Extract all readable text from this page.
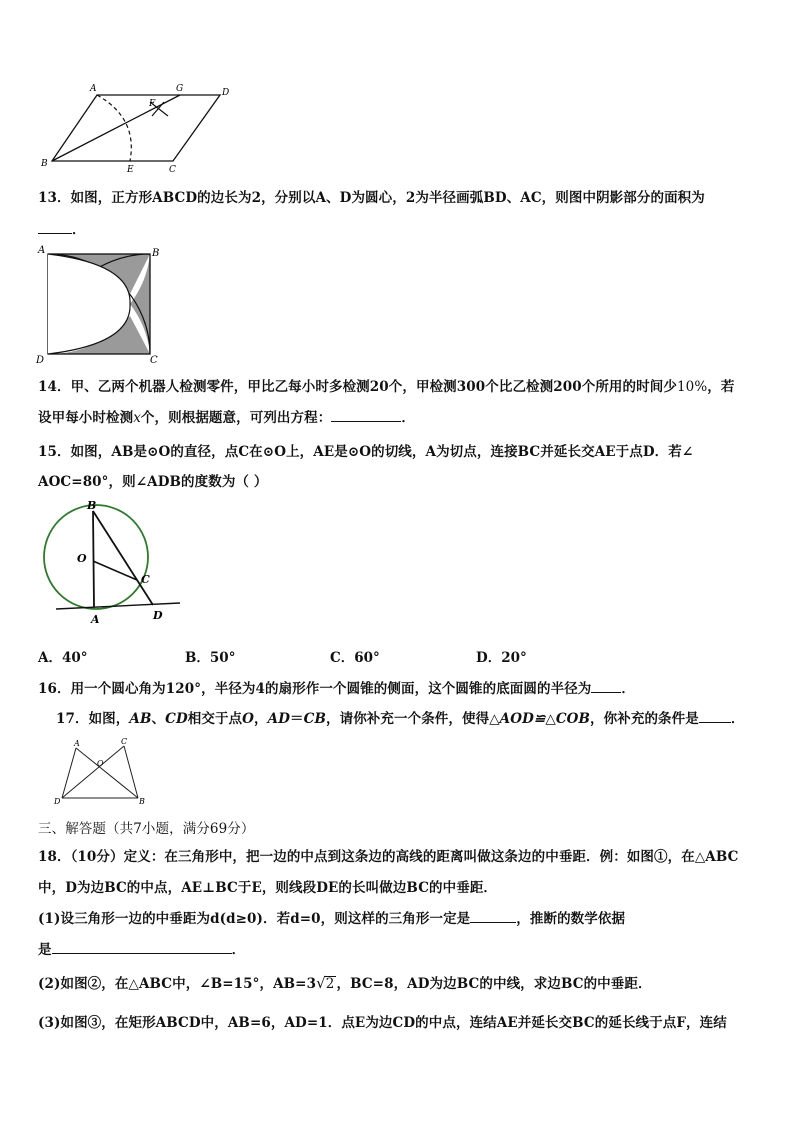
A	G	D
F
B
E	C
13．如图，正方形ABCD的边长为2，分别以A、D为圆心，2为半径画弧BD、AC，则图中阴影部分的面积为
．
A	B
D	C
14．甲、乙两个机器人检测零件，甲比乙每小时多检测20个，甲检测300个比乙检测200个所用的时间少10%，若
设甲每小时检测x个，则根据题意，可列出方程：	．
15．如图，AB是⊙O的直径，点C在⊙O上，AE是⊙O的切线，A为切点，连接BC并延长交AE于点D．若∠
AOC=80°，则∠ADB的度数为（ ）
B
O
C
A	D
A．40°	B．50°	C．60°	D．20°
16．用一个圆心角为120°，半径为4的扇形作一个圆锥的侧面，这个圆锥的底面圆的半径为 ．
17．如图，AB、CD相交于点O，AD＝CB，请你补充一个条件，使得△AOD≌△COB，你补充的条件是 ．
A	C
O
D	B
三、解答题（共7小题，满分69分）
18．（10分）定义：在三角形中，把一边的中点到这条边的高线的距离叫做这条边的中垂距．例：如图①，在△ABC
中，D为边BC的中点，AE⊥BC于E，则线段DE的长叫做边BC的中垂距．
(1)设三角形一边的中垂距为d(d≥0)．若d=0，则这样的三角形一定是	，推断的数学依据
是	．
(2)如图②，在△ABC中，∠B=15°，AB=3√2 ，BC=8，AD为边BC的中线，求边BC的中垂距．
(3)如图③，在矩形ABCD中，AB=6，AD=1．点E为边CD的中点，连结AE并延长交BC的延长线于点F，连结
